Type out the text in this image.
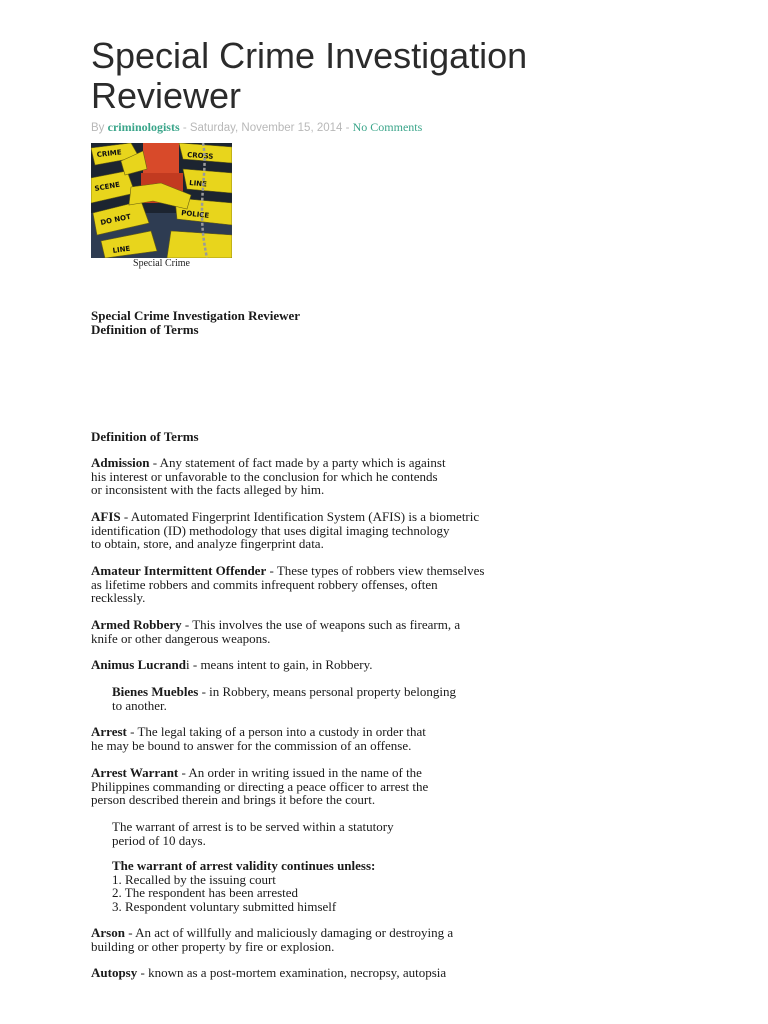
Special Crime Investigation
Reviewer
By criminologists - Saturday, November 15, 2014 - No Comments
CRIME
SCENE
DO NOT
CROSS
LINE
POLICE
LINE
Special Crime
Special Crime Investigation Reviewer
Definition of Terms
Definition of Terms
Admission - Any statement of fact made by a party which is against
his interest or unfavorable to the conclusion for which he contends
or inconsistent with the facts alleged by him.
AFIS - Automated Fingerprint Identification System (AFIS) is a biometric
identification (ID) methodology that uses digital imaging technology
to obtain, store, and analyze fingerprint data.
Amateur Intermittent Offender - These types of robbers view themselves
as lifetime robbers and commits infrequent robbery offenses, often
recklessly.
Armed Robbery - This involves the use of weapons such as firearm, a
knife or other dangerous weapons.
Animus Lucrandi - means intent to gain, in Robbery.
Bienes Muebles - in Robbery, means personal property belonging
to another.
Arrest - The legal taking of a person into a custody in order that
he may be bound to answer for the commission of an offense.
Arrest Warrant - An order in writing issued in the name of the
Philippines commanding or directing a peace officer to arrest the
person described therein and brings it before the court.
The warrant of arrest is to be served within a statutory
period of 10 days.
The warrant of arrest validity continues unless:
1. Recalled by the issuing court
2. The respondent has been arrested
3. Respondent voluntary submitted himself
Arson - An act of willfully and maliciously damaging or destroying a
building or other property by fire or explosion.
Autopsy - known as a post-mortem examination, necropsy, autopsia
